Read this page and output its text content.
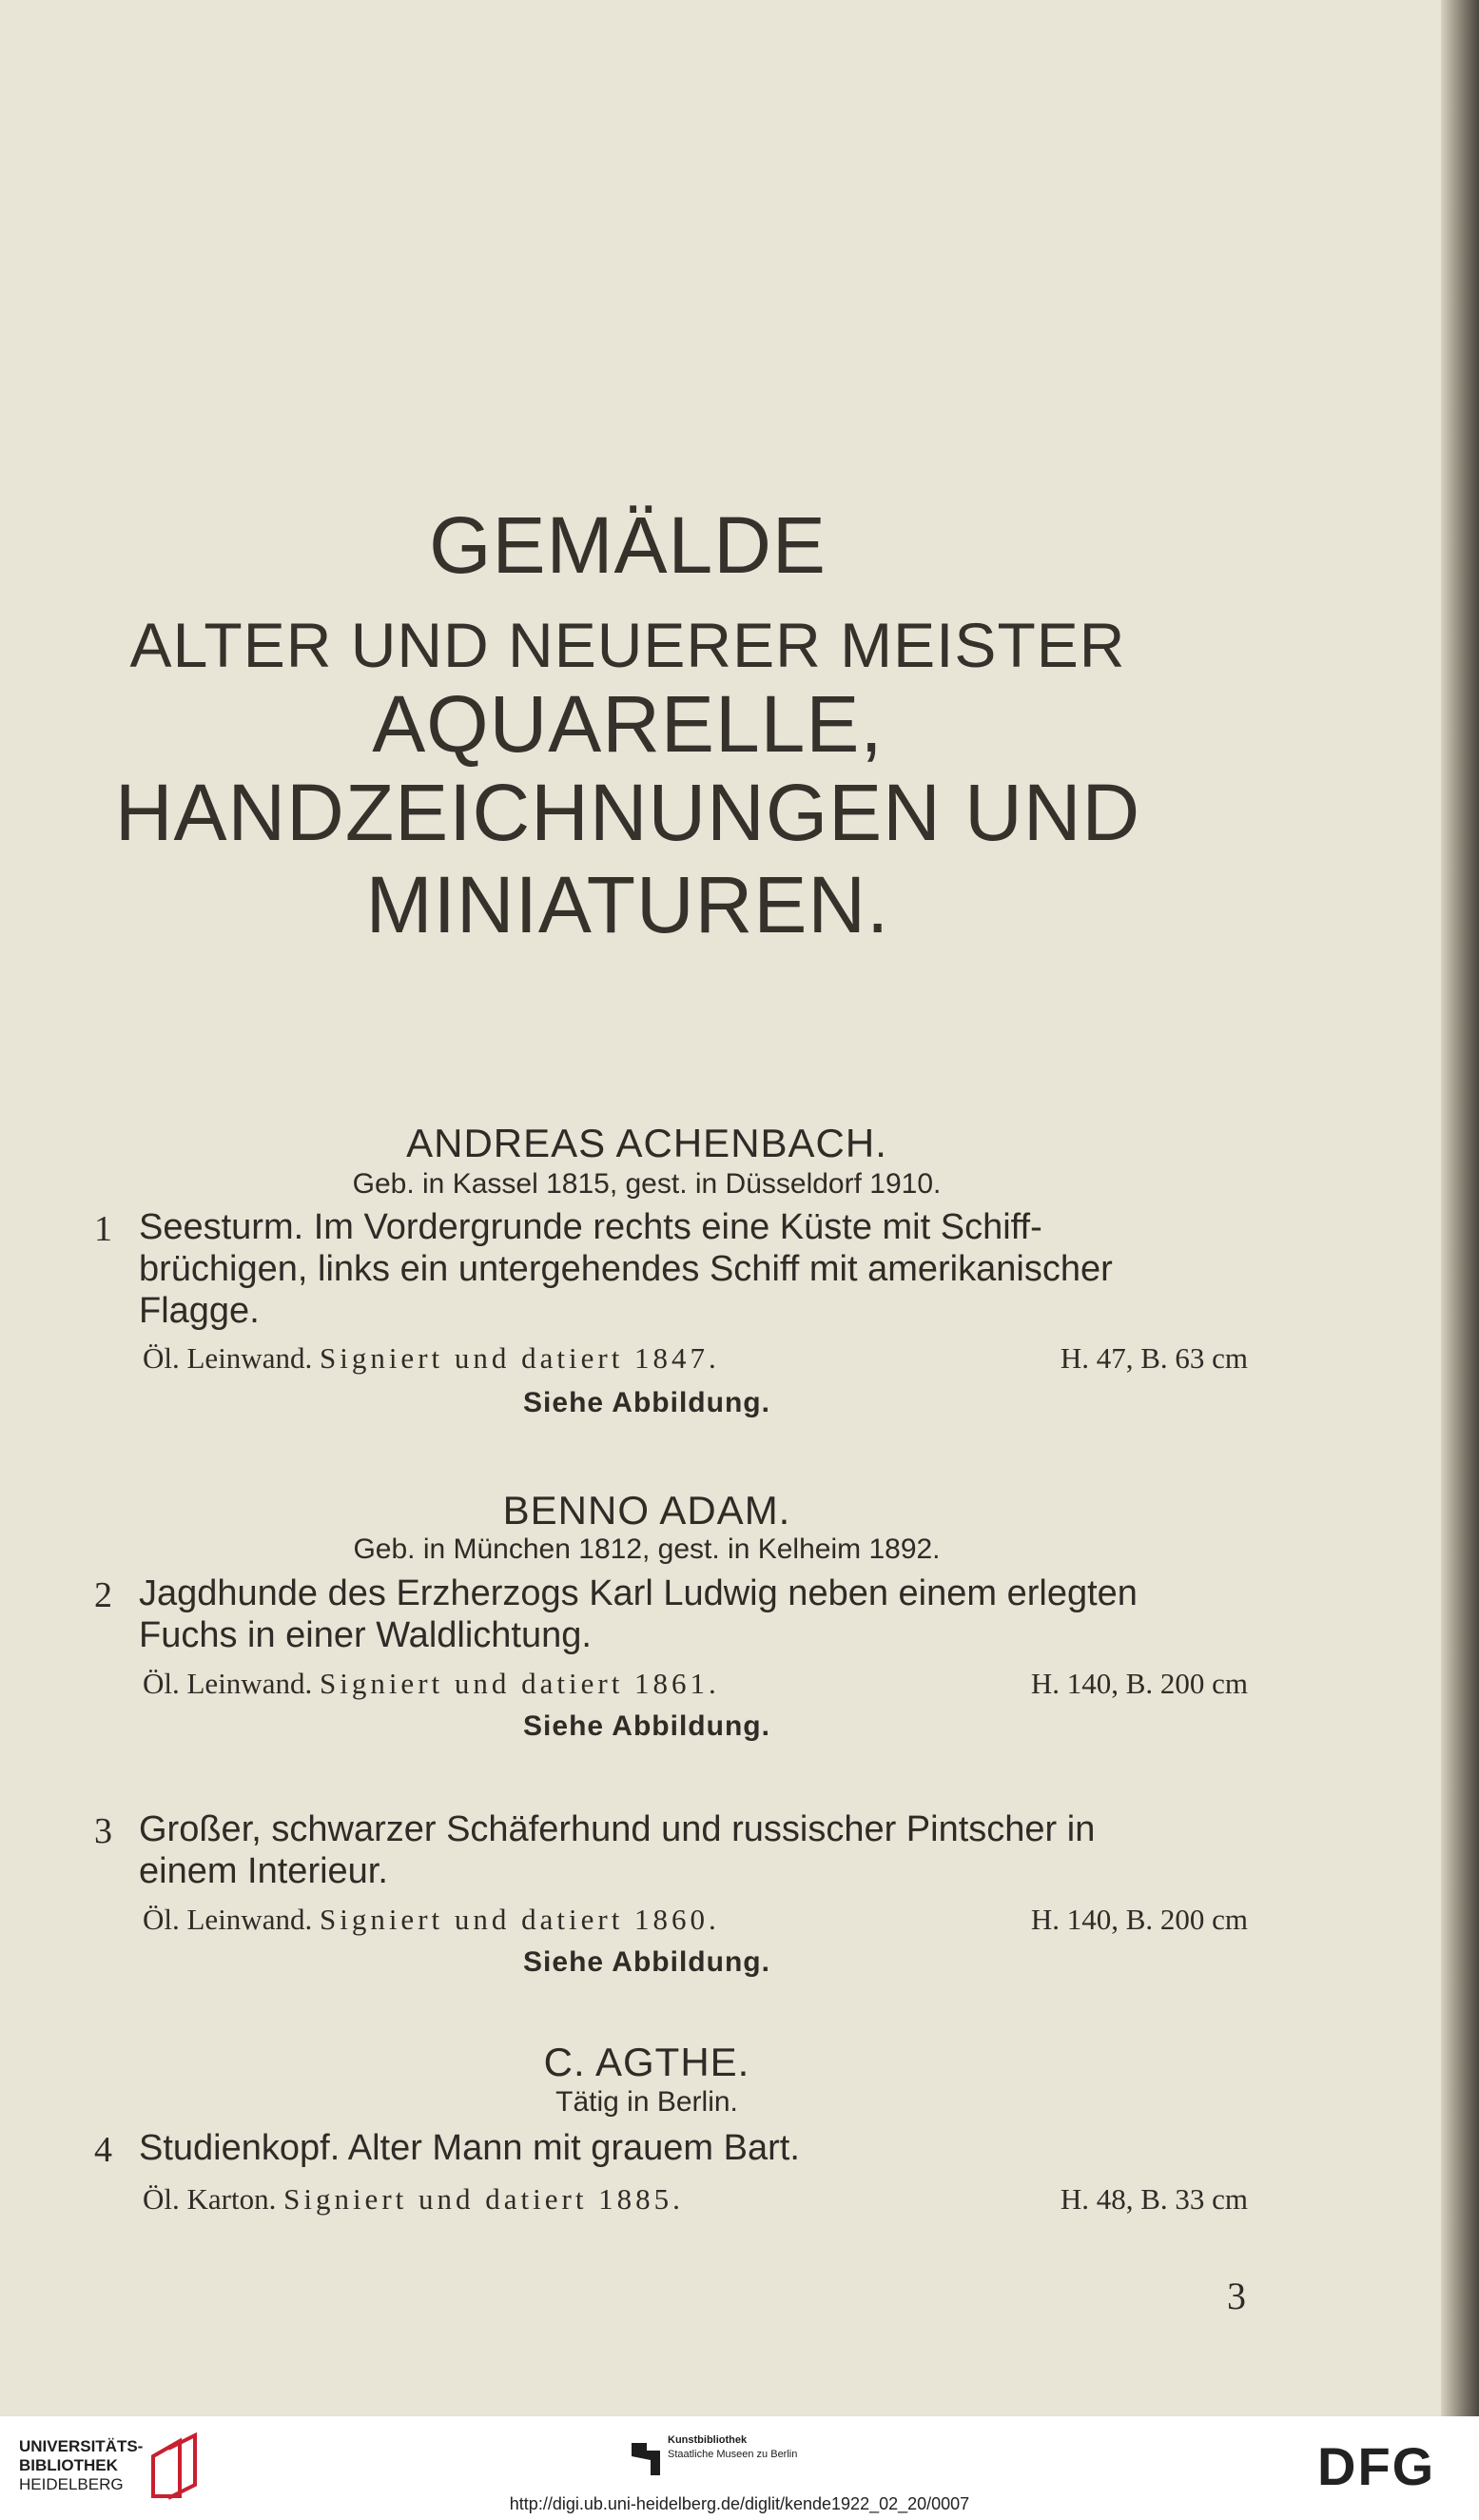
GEMÄLDE
ALTER UND NEUERER MEISTER
AQUARELLE,
HANDZEICHNUNGEN UND
MINIATUREN.
ANDREAS ACHENBACH.
Geb. in Kassel 1815, gest. in Düsseldorf 1910.
1 Seesturm. Im Vordergrunde rechts eine Küste mit Schiff-
brüchigen, links ein untergehendes Schiff mit amerikanischer
Flagge.
Öl. Leinwand. Signiert und datiert 1847.	H. 47, B. 63 cm
Siehe Abbildung.
BENNO ADAM.
Geb. in München 1812, gest. in Kelheim 1892.
2 Jagdhunde des Erzherzogs Karl Ludwig neben einem erlegten
Fuchs in einer Waldlichtung.
Öl. Leinwand. Signiert und datiert 1861.	H. 140, B. 200 cm
Siehe Abbildung.
3 Großer, schwarzer Schäferhund und russischer Pintscher in
einem Interieur.
Öl. Leinwand. Signiert und datiert 1860.	H. 140, B. 200 cm
Siehe Abbildung.
C. AGTHE.
Tätig in Berlin.
4 Studienkopf. Alter Mann mit grauem Bart.
Öl. Karton. Signiert und datiert 1885.	H. 48, B. 33 cm
3
UNIVERSITÄTS-
BIBLIOTHEK
HEIDELBERG
Kunstbibliothek
Staatliche Museen zu Berlin	DFG
http://digi.ub.uni-heidelberg.de/diglit/kende1922_02_20/0007
